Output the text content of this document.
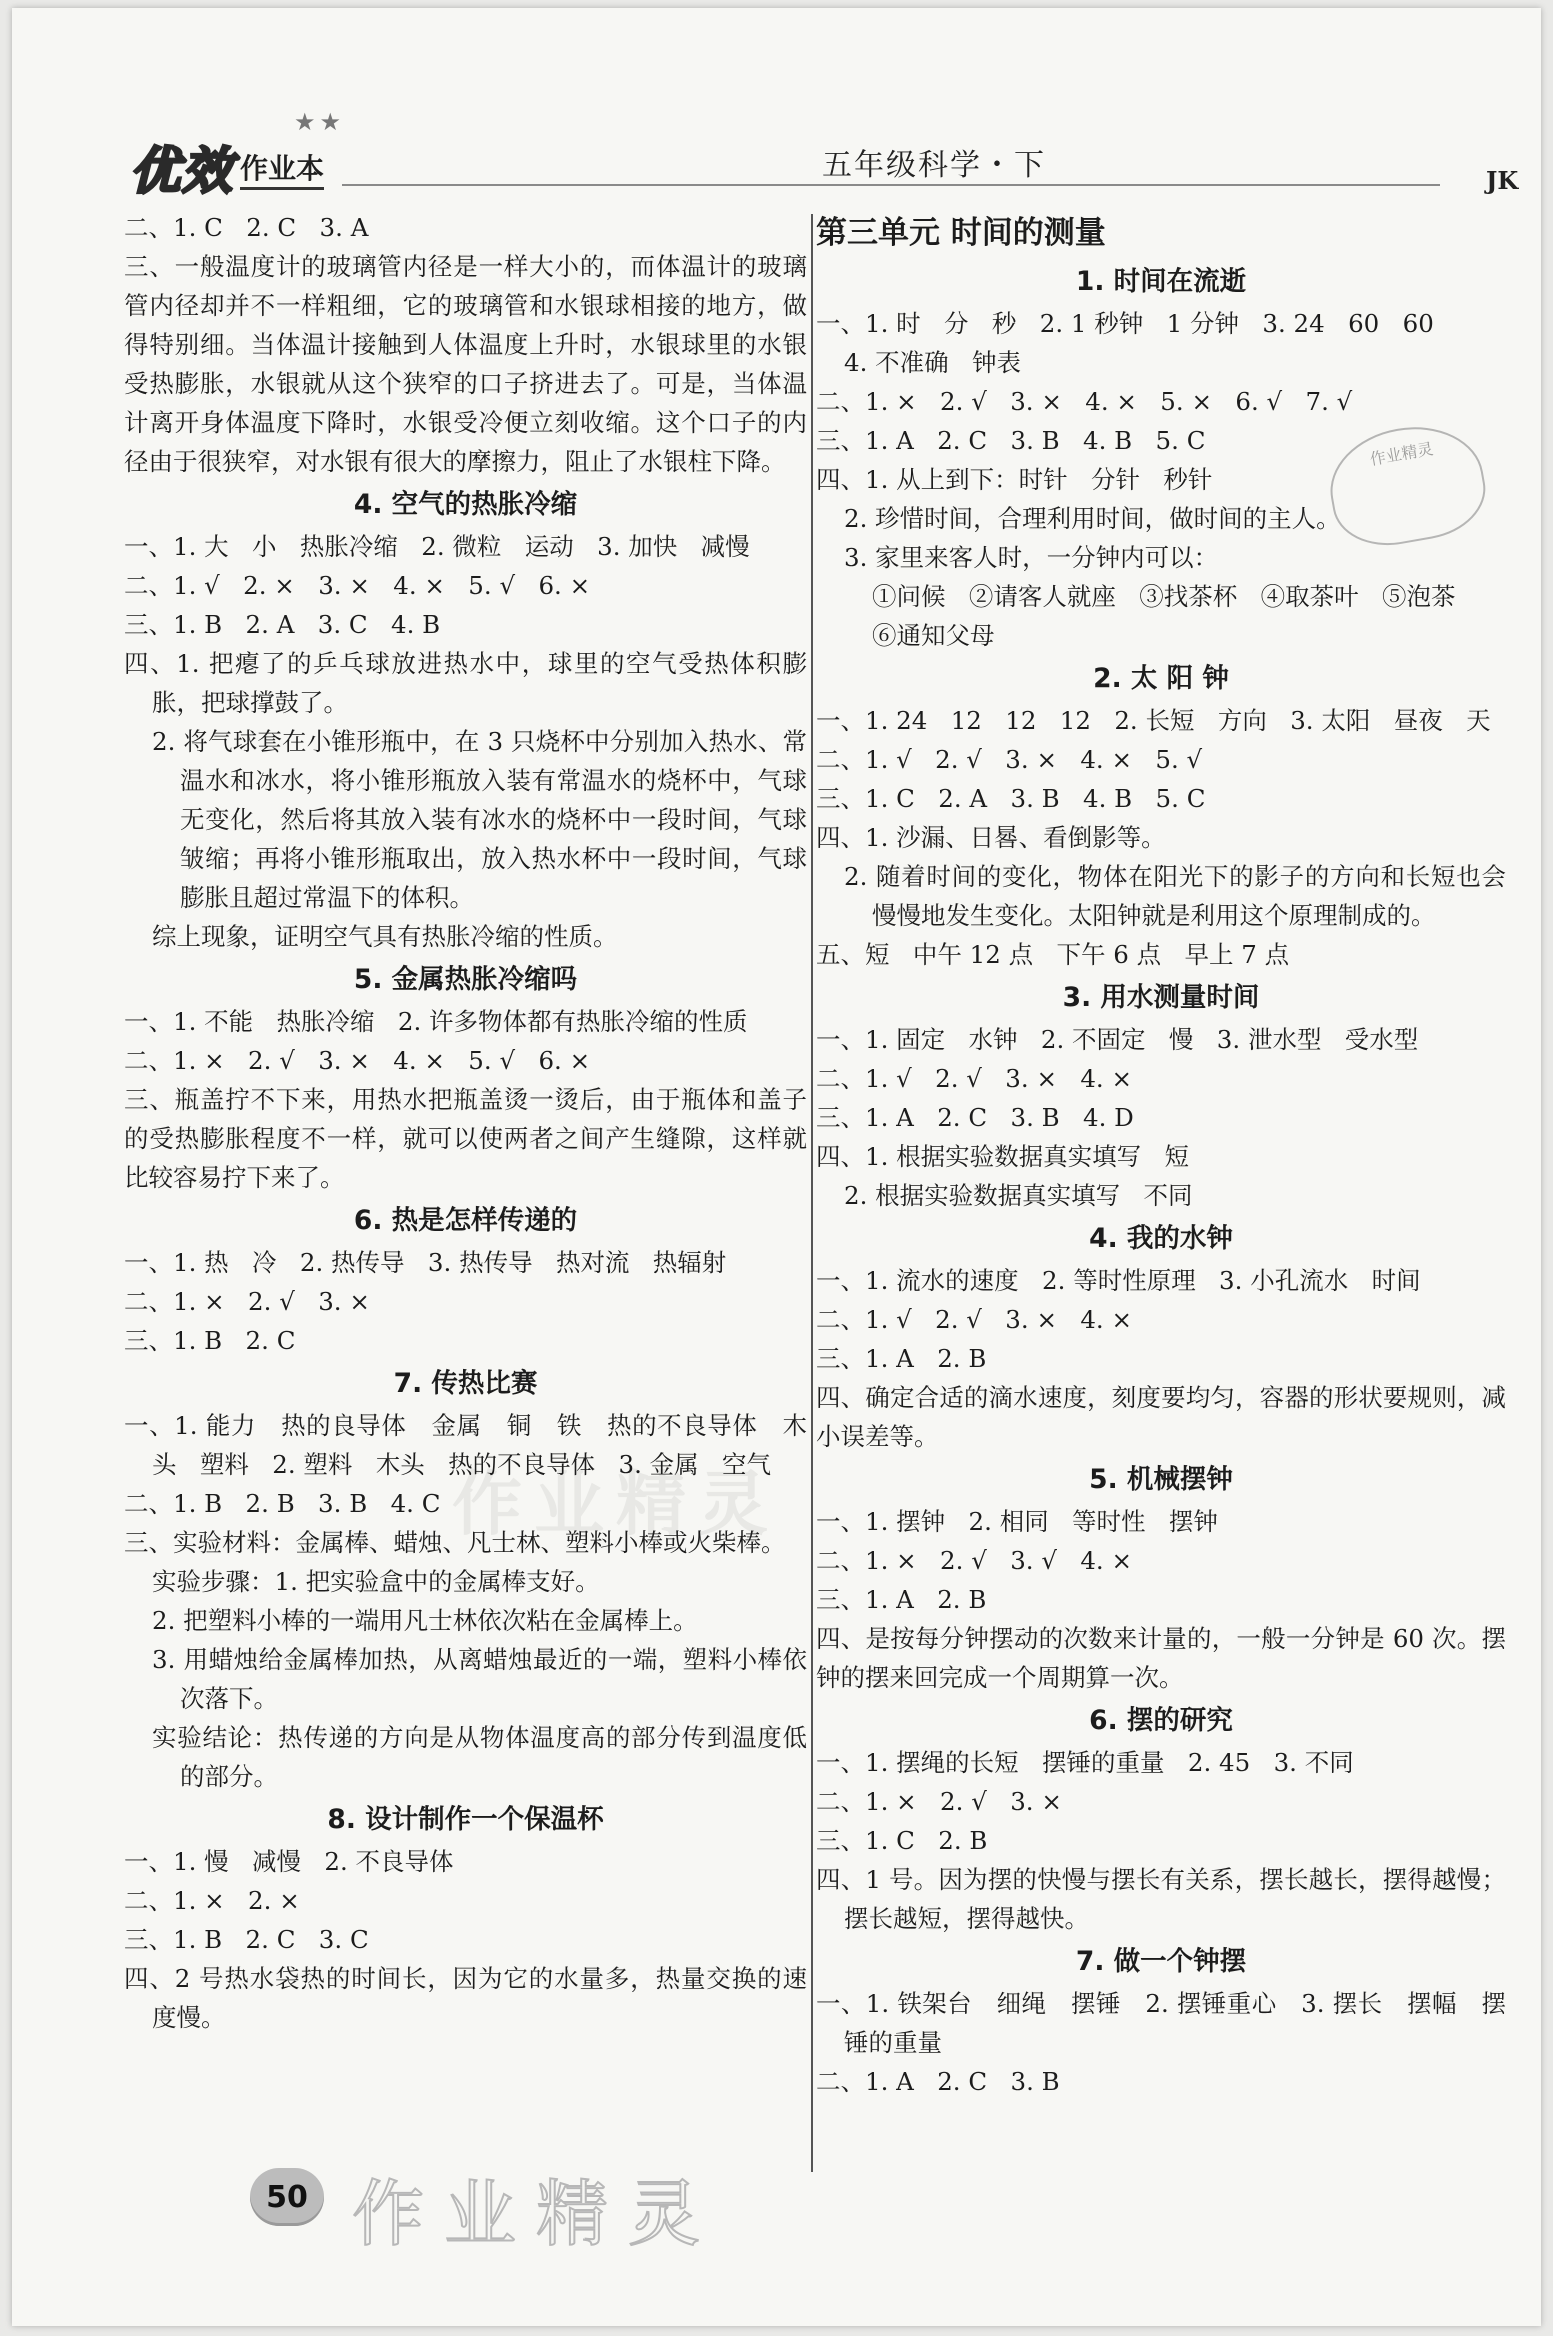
★★
优效 作业本	五年级科学・下	JK
作业精灵
作业精灵
二、1. C   2. C   3. A
三、一般温度计的玻璃管内径是一样大小的，而体温计的玻璃管内径却并不一样粗细，它的玻璃管和水银球相接的地方，做得特别细。当体温计接触到人体温度上升时，水银球里的水银受热膨胀，水银就从这个狭窄的口子挤进去了。可是，当体温计离开身体温度下降时，水银受冷便立刻收缩。这个口子的内径由于很狭窄，对水银有很大的摩擦力，阻止了水银柱下降。
4. 空气的热胀冷缩
一、1. 大   小   热胀冷缩   2. 微粒   运动   3. 加快   减慢
二、1. √   2. ×   3. ×   4. ×   5. √   6. ×
三、1. B   2. A   3. C   4. B
四、1. 把瘪了的乒乓球放进热水中，球里的空气受热体积膨胀，把球撑鼓了。
2. 将气球套在小锥形瓶中，在 3 只烧杯中分别加入热水、常温水和冰水，将小锥形瓶放入装有常温水的烧杯中，气球无变化，然后将其放入装有冰水的烧杯中一段时间，气球皱缩；再将小锥形瓶取出，放入热水杯中一段时间，气球膨胀且超过常温下的体积。
综上现象，证明空气具有热胀冷缩的性质。
5. 金属热胀冷缩吗
一、1. 不能   热胀冷缩   2. 许多物体都有热胀冷缩的性质
二、1. ×   2. √   3. ×   4. ×   5. √   6. ×
三、瓶盖拧不下来，用热水把瓶盖烫一烫后，由于瓶体和盖子的受热膨胀程度不一样，就可以使两者之间产生缝隙，这样就比较容易拧下来了。
6. 热是怎样传递的
一、1. 热   冷   2. 热传导   3. 热传导   热对流   热辐射
二、1. ×   2. √   3. ×
三、1. B   2. C
7. 传热比赛
一、1. 能力   热的良导体   金属   铜   铁   热的不良导体   木头   塑料   2. 塑料   木头   热的不良导体   3. 金属   空气
二、1. B   2. B   3. B   4. C
三、实验材料：金属棒、蜡烛、凡士林、塑料小棒或火柴棒。
实验步骤：1. 把实验盒中的金属棒支好。
2. 把塑料小棒的一端用凡士林依次粘在金属棒上。
3. 用蜡烛给金属棒加热，从离蜡烛最近的一端，塑料小棒依次落下。
实验结论：热传递的方向是从物体温度高的部分传到温度低的部分。
8. 设计制作一个保温杯
一、1. 慢   减慢   2. 不良导体
二、1. ×   2. ×
三、1. B   2. C   3. C
四、2 号热水袋热的时间长，因为它的水量多，热量交换的速度慢。
第三单元 时间的测量
1. 时间在流逝
一、1. 时   分   秒   2. 1 秒钟   1 分钟   3. 24   60   60
4. 不准确   钟表
二、1. ×   2. √   3. ×   4. ×   5. ×   6. √   7. √
三、1. A   2. C   3. B   4. B   5. C
四、1. 从上到下：时针   分针   秒针
2. 珍惜时间，合理利用时间，做时间的主人。
3. 家里来客人时，一分钟内可以：
①问候   ②请客人就座   ③找茶杯   ④取茶叶   ⑤泡茶
⑥通知父母
2. 太 阳 钟
一、1. 24   12   12   12   2. 长短   方向   3. 太阳   昼夜   天
二、1. √   2. √   3. ×   4. ×   5. √
三、1. C   2. A   3. B   4. B   5. C
四、1. 沙漏、日晷、看倒影等。
2. 随着时间的变化，物体在阳光下的影子的方向和长短也会慢慢地发生变化。太阳钟就是利用这个原理制成的。
五、短   中午 12 点   下午 6 点   早上 7 点
3. 用水测量时间
一、1. 固定   水钟   2. 不固定   慢   3. 泄水型   受水型
二、1. √   2. √   3. ×   4. ×
三、1. A   2. C   3. B   4. D
四、1. 根据实验数据真实填写   短
2. 根据实验数据真实填写   不同
4. 我的水钟
一、1. 流水的速度   2. 等时性原理   3. 小孔流水   时间
二、1. √   2. √   3. ×   4. ×
三、1. A   2. B
四、确定合适的滴水速度，刻度要均匀，容器的形状要规则，减小误差等。
5. 机械摆钟
一、1. 摆钟   2. 相同   等时性   摆钟
二、1. ×   2. √   3. √   4. ×
三、1. A   2. B
四、是按每分钟摆动的次数来计量的，一般一分钟是 60 次。摆钟的摆来回完成一个周期算一次。
6. 摆的研究
一、1. 摆绳的长短   摆锤的重量   2. 45   3. 不同
二、1. ×   2. √   3. ×
三、1. C   2. B
四、1 号。因为摆的快慢与摆长有关系，摆长越长，摆得越慢；摆长越短，摆得越快。
7. 做一个钟摆
一、1. 铁架台   细绳   摆锤   2. 摆锤重心   3. 摆长   摆幅   摆锤的重量
二、1. A   2. C   3. B
50 作业精灵
